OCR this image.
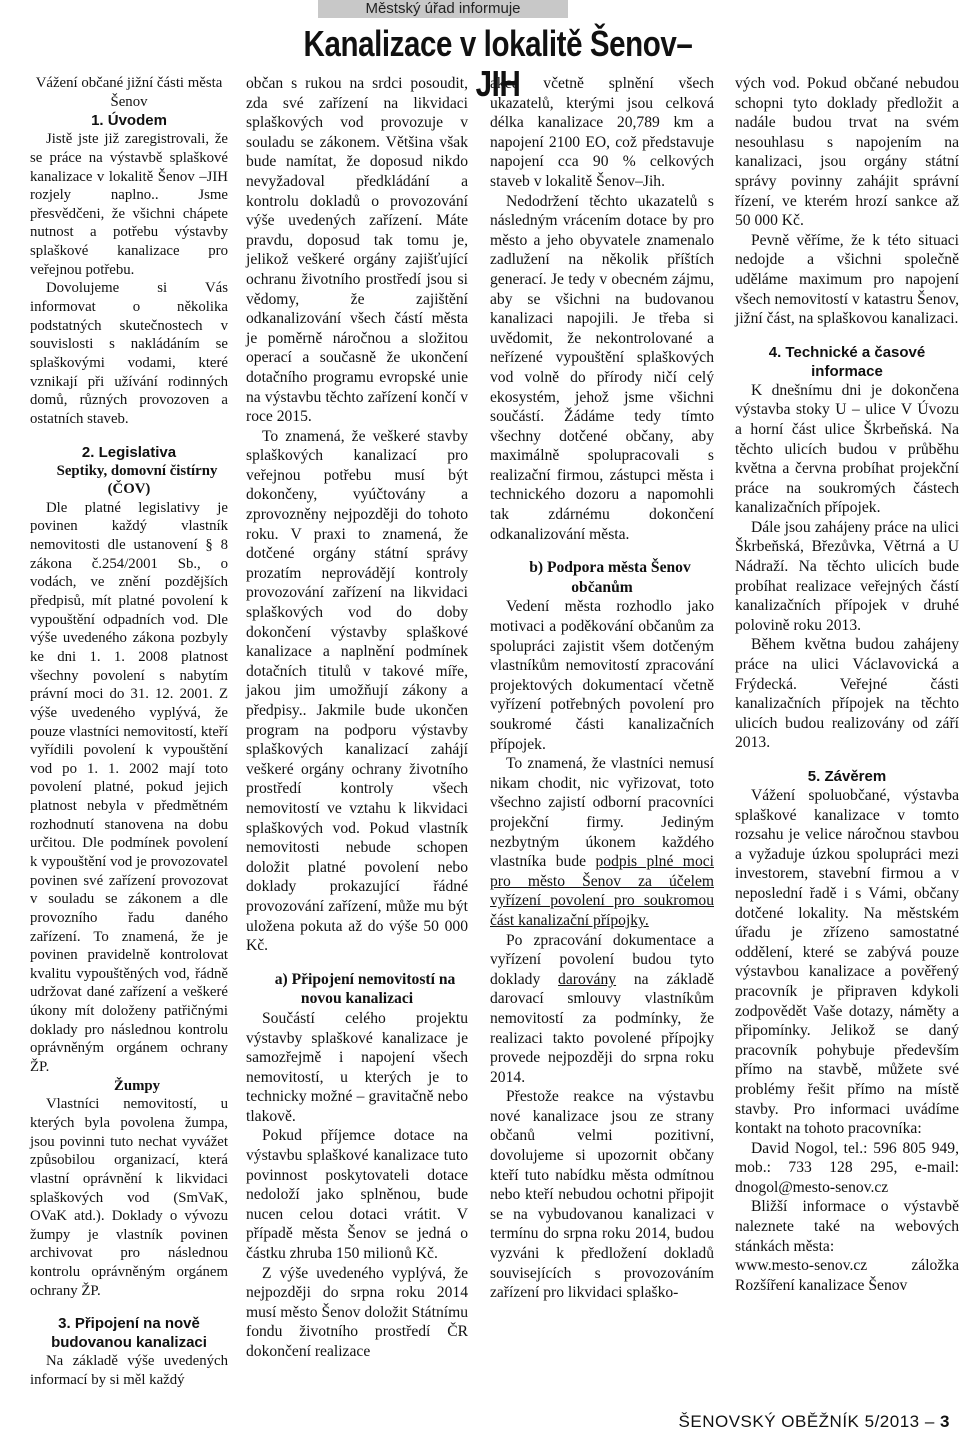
Městský úřad informuje
Kanalizace v lokalitě Šenov–JIH

Vážení občané jižní části města Šenov

1. Úvodem

Jistě jste již zaregistrovali, že se práce na výstavbě splaškové kanalizace v lokalitě Šenov –JIH rozjely naplno.. Jsme přesvědčeni, že všichni chápete nutnost a potřebu výstavby splaškové kanalizace pro veřejnou potřebu.

Dovolujeme si Vás informovat o několika podstatných skutečnostech v souvislosti s nakládáním se splaškovými vodami, které vznikají při užívání rodinných domů, různých provozoven a ostatních staveb.

2. Legislativa

Septiky, domovní čistírny (ČOV)

Dle platné legislativy je povinen každý vlastník nemovitosti dle ustanovení § 8 zákona č.254/2001 Sb., o vodách, ve znění pozdějších předpisů, mít platné povolení k vypouštění odpadních vod. Dle výše uvedeného zákona pozbyly ke dni 1. 1. 2008 platnost všechny povolení s nabytím právní moci do 31. 12. 2001. Z výše uvedeného vyplývá, že pouze vlastníci nemovitostí, kteří vyřídili povolení k vypouštění vod po 1. 1. 2002 mají toto povolení platné, pokud jejich platnost nebyla v předmětném rozhodnutí stanovena na dobu určitou. Dle podmínek povolení k vypouštění vod je provozovatel povinen své zařízení provozovat v souladu se zákonem a dle provozního řadu daného zařízení. To znamená, že je povinen pravidelně kontrolovat kvalitu vypouštěných vod, řádně udržovat dané zařízení a veškeré úkony mít doloženy patřičnými doklady pro následnou kontrolu oprávněným orgánem ochrany ŽP.

Žumpy

Vlastníci nemovitostí, u kterých byla povolena žumpa, jsou povinni tuto nechat vyvážet způsobilou organizací, která vlastní oprávnění k likvidaci splaškových vod (SmVaK, OVaK atd.). Doklady o vývozu žumpy je vlastník povinen archivovat pro následnou kontrolu oprávněným orgánem ochrany ŽP.

3. Připojení na nově budovanou kanalizaci

Na základě výše uvedených informací by si měl každý

občan s rukou na srdci posoudit, zda své zařízení na likvidaci splaškových vod provozuje v souladu se zákonem. Většina však bude namítat, že doposud nikdo nevyžadoval předkládání a kontrolu dokladů o provozování výše uvedených zařízení. Máte pravdu, doposud tak tomu je, jelikož veškeré orgány zajišťující ochranu životního prostředí jsou si vědomy, že zajištění odkanalizování všech částí města je poměrně náročnou a složitou operací a současně že ukončení dotačního programu evropské unie na výstavbu těchto zařízení končí v roce 2015.

To znamená, že veškeré stavby splaškových kanalizací pro veřejnou potřebu musí být dokončeny, vyúčtovány a zprovozněny nejpozději do tohoto roku. V praxi to znamená, že dotčené orgány státní správy prozatím neprovádějí kontroly provozování zařízení na likvidaci splaškových vod do doby dokončení výstavby splaškové kanalizace a naplnění podmínek dotačních titulů v takové míře, jakou jim umožňují zákony a předpisy.. Jakmile bude ukončen program na podporu výstavby splaškových kanalizací zahájí veškeré orgány ochrany životního prostředí kontroly všech nemovitostí ve vztahu k likvidaci splaškových vod. Pokud vlastník nemovitosti nebude schopen doložit platné povolení nebo doklady prokazující řádné provozování zařízení, může mu být uložena pokuta až do výše 50 000 Kč.

a) Připojení nemovitostí na novou kanalizaci

Součástí celého projektu výstavby splaškové kanalizace je samozřejmě i napojení všech nemovitostí, u kterých je to technicky možné – gravitačně nebo tlakově.

Pokud příjemce dotace na výstavbu splaškové kanalizace tuto povinnost poskytovateli dotace nedoloží jako splněnou, bude nucen celou dotaci vrátit. V případě města Šenov se jedná o částku zhruba 150 milionů Kč.

Z výše uvedeného vyplývá, že nejpozději do srpna roku 2014 musí město Šenov doložit Státnímu fondu životního prostředí ČR dokončení realizace

akce včetně splnění všech ukazatelů, kterými jsou celková délka kanalizace 20,789 km a napojení 2100 EO, což představuje napojení cca 90 % celkových staveb v lokalitě Šenov–Jih.

Nedodržení těchto ukazatelů s následným vrácením dotace by pro město a jeho obyvatele znamenalo zadlužení na několik příštích generací. Je tedy v obecném zájmu, aby se všichni na budovanou kanalizaci napojili. Je třeba si uvědomit, že nekontrolované a neřízené vypouštění splaškových vod volně do přírody ničí celý ekosystém, jehož jsme všichni součástí. Žádáme tedy tímto všechny dotčené občany, aby maximálně spolupracovali s realizační firmou, zástupci města i technického dozoru a napomohli tak zdárnému dokončení odkanalizování města.

b) Podpora města Šenov občanům

Vedení města rozhodlo jako motivaci a poděkování občanům za spolupráci zajistit všem dotčeným vlastníkům nemovitostí zpracování projektových dokumentací včetně vyřízení potřebných povolení pro soukromé části kanalizačních přípojek.

To znamená, že vlastníci nemusí nikam chodit, nic vyřizovat, toto všechno zajistí odborní pracovníci projekční firmy. Jediným nezbytným úkonem každého vlastníka bude podpis plné moci pro město Šenov za účelem vyřízení povolení pro soukromou část kanalizační přípojky.

Po zpracování dokumentace a vyřízení povolení budou tyto doklady darovány na základě darovací smlouvy vlastníkům nemovitostí za podmínky, že realizaci takto povolené přípojky provede nejpozději do srpna roku 2014.

Přestože reakce na výstavbu nové kanalizace jsou ze strany občanů velmi pozitivní, dovolujeme si upozornit občany kteří tuto nabídku města odmítnou nebo kteří nebudou ochotni připojit se na vybudovanou kanalizaci v termínu do srpna roku 2014, budou vyzváni k předložení dokladů souvisejících s provozováním zařízení pro likvidaci splaško-

vých vod. Pokud občané nebudou schopni tyto doklady předložit a nadále budou trvat na svém nesouhlasu s napojením na kanalizaci, jsou orgány státní správy povinny zahájit správní řízení, ve kterém hrozí sankce až 50 000 Kč.

Pevně věříme, že k této situaci nedojde a všichni společně uděláme maximum pro napojení všech nemovitostí v katastru Šenov, jižní část, na splaškovou kanalizaci.

4. Technické a časové informace

K dnešnímu dni je dokončena výstavba stoky U – ulice V Úvozu a horní část ulice Škrbeňská. Na těchto ulicích budou v průběhu května a června probíhat projekční práce na soukromých částech kanalizačních přípojek.

Dále jsou zahájeny práce na ulici Škrbeňská, Březůvka, Větrná a U Nádraží. Na těchto ulicích bude probíhat realizace veřejných částí kanalizačních přípojek v druhé polovině roku 2013.

Během května budou zahájeny práce na ulici Václavovická a Frýdecká. Veřejné části kanalizačních přípojek na těchto ulicích budou realizovány od září 2013.

5. Závěrem

Vážení spoluobčané, výstavba splaškové kanalizace v tomto rozsahu je velice náročnou stavbou a vyžaduje úzkou spolupráci mezi investorem, stavební firmou a v neposlední řadě i s Vámi, občany dotčené lokality. Na městském úřadu je zřízeno samostatné oddělení, které se zabývá pouze výstavbou kanalizace a pověřený pracovník je připraven kdykoli zodpovědět Vaše dotazy, náměty a připomínky. Jelikož se daný pracovník pohybuje především přímo na stavbě, můžete své problémy řešit přímo na místě stavby. Pro informaci uvádíme kontakt na tohoto pracovníka:

David Nogol, tel.: 596 805 949, mob.: 733 128 295, e-mail: dnogol@mesto-senov.cz

Bližší informace o výstavbě naleznete také na webových stánkách města:

www.mesto-senov.cz záložka Rozšíření kanalizace Šenov

ŠENOVSKÝ OBĚŽNÍK 5/2013 – 3
